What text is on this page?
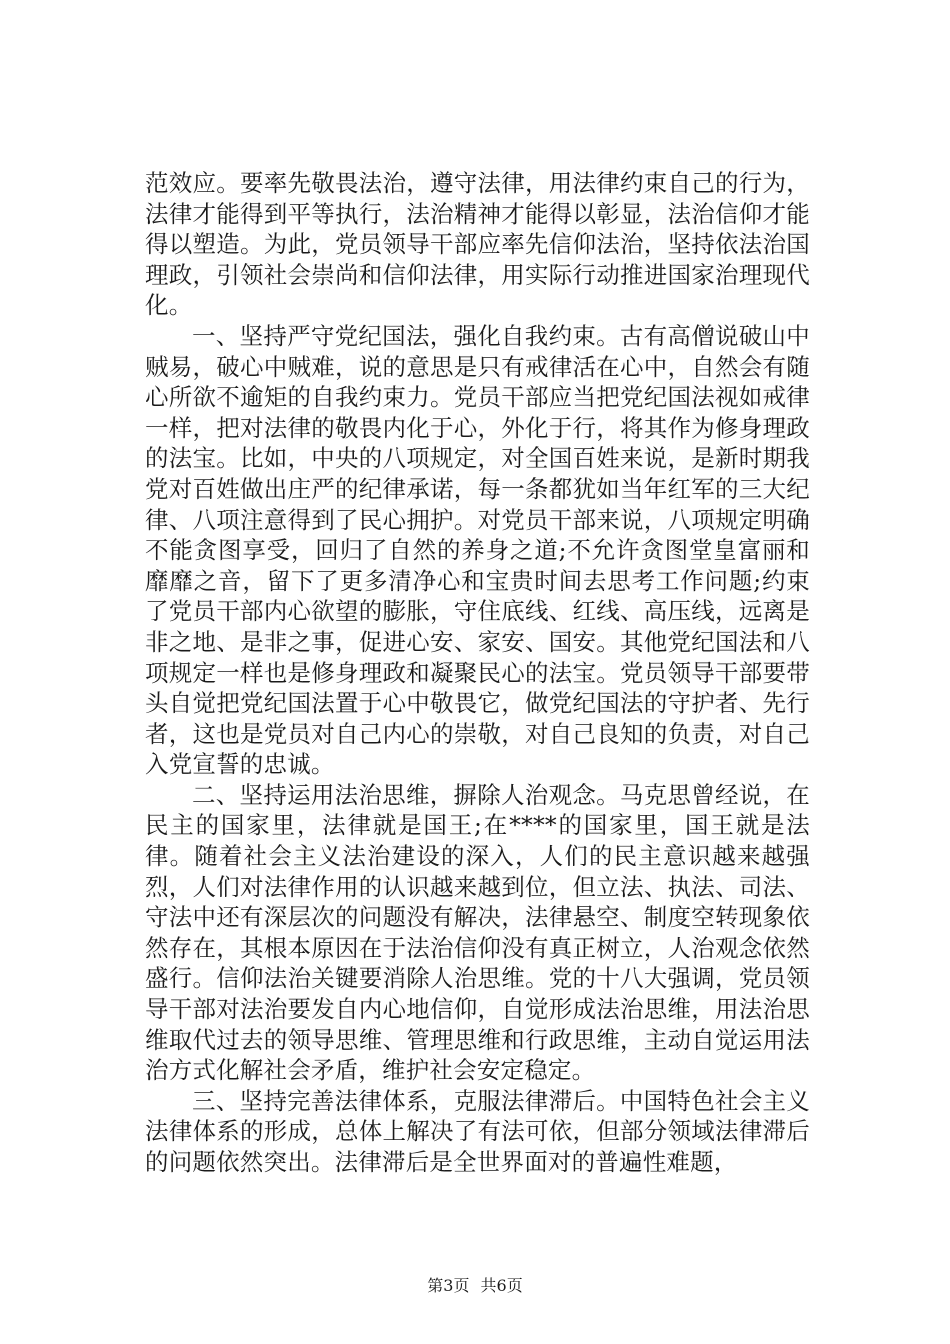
范效应。要率先敬畏法治，遵守法律，用法律约束自己的行为，法律才能得到平等执行，法治精神才能得以彰显，法治信仰才能得以塑造。为此，党员领导干部应率先信仰法治，坚持依法治国理政，引领社会崇尚和信仰法律，用实际行动推进国家治理现代化。

一、坚持严守党纪国法，强化自我约束。古有高僧说破山中贼易，破心中贼难，说的意思是只有戒律活在心中，自然会有随心所欲不逾矩的自我约束力。党员干部应当把党纪国法视如戒律一样，把对法律的敬畏内化于心，外化于行，将其作为修身理政的法宝。比如，中央的八项规定，对全国百姓来说，是新时期我党对百姓做出庄严的纪律承诺，每一条都犹如当年红军的三大纪律、八项注意得到了民心拥护。对党员干部来说，八项规定明确不能贪图享受，回归了自然的养身之道;不允许贪图堂皇富丽和靡靡之音，留下了更多清净心和宝贵时间去思考工作问题;约束了党员干部内心欲望的膨胀，守住底线、红线、高压线，远离是非之地、是非之事，促进心安、家安、国安。其他党纪国法和八项规定一样也是修身理政和凝聚民心的法宝。党员领导干部要带头自觉把党纪国法置于心中敬畏它，做党纪国法的守护者、先行者，这也是党员对自己内心的崇敬，对自己良知的负责，对自己入党宣誓的忠诚。

二、坚持运用法治思维，摒除人治观念。马克思曾经说，在民主的国家里，法律就是国王;在****的国家里，国王就是法律。随着社会主义法治建设的深入，人们的民主意识越来越强烈，人们对法律作用的认识越来越到位，但立法、执法、司法、守法中还有深层次的问题没有解决，法律悬空、制度空转现象依然存在，其根本原因在于法治信仰没有真正树立，人治观念依然盛行。信仰法治关键要消除人治思维。党的十八大强调，党员领导干部对法治要发自内心地信仰，自觉形成法治思维，用法治思维取代过去的领导思维、管理思维和行政思维，主动自觉运用法治方式化解社会矛盾，维护社会安定稳定。

三、坚持完善法律体系，克服法律滞后。中国特色社会主义法律体系的形成，总体上解决了有法可依，但部分领域法律滞后的问题依然突出。法律滞后是全世界面对的普遍性难题，

第3页 共6页
